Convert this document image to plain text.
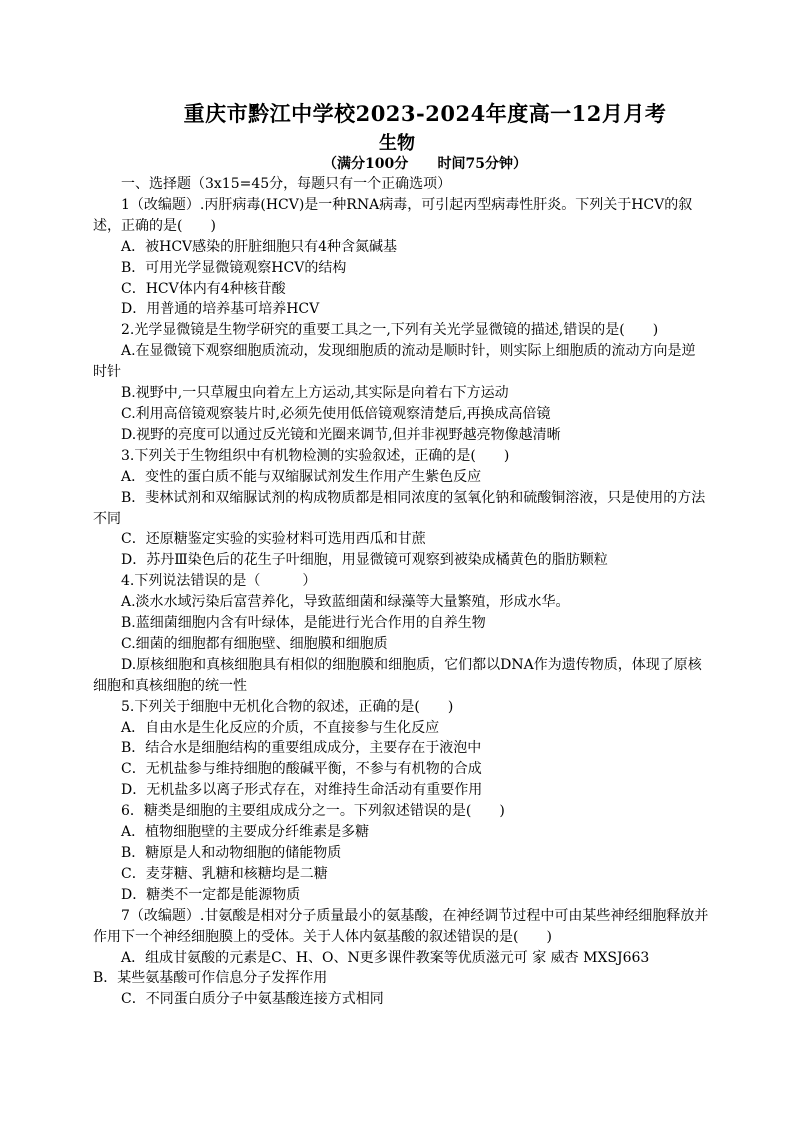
重庆市黔江中学校2023-2024年度高一12月月考
生物
（满分100分      时间75分钟）

一、选择题（3x15=45分，每题只有一个正确选项）

1（改编题）.丙肝病毒(HCV)是一种RNA病毒，可引起丙型病毒性肝炎。下列关于HCV的叙述，正确的是(　　)

A．被HCV感染的肝脏细胞只有4种含氮碱基

B．可用光学显微镜观察HCV的结构

C．HCV体内有4种核苷酸

D．用普通的培养基可培养HCV

2.光学显微镜是生物学研究的重要工具之一,下列有关光学显微镜的描述,错误的是(　　)

A.在显微镜下观察细胞质流动，发现细胞质的流动是顺时针，则实际上细胞质的流动方向是逆时针

B.视野中,一只草履虫向着左上方运动,其实际是向着右下方运动

C.利用高倍镜观察装片时,必须先使用低倍镜观察清楚后,再换成高倍镜

D.视野的亮度可以通过反光镜和光圈来调节,但并非视野越亮物像越清晰

3.下列关于生物组织中有机物检测的实验叙述，正确的是(　　)

A．变性的蛋白质不能与双缩脲试剂发生作用产生紫色反应

B．斐林试剂和双缩脲试剂的构成物质都是相同浓度的氢氧化钠和硫酸铜溶液，只是使用的方法不同

C．还原糖鉴定实验的实验材料可选用西瓜和甘蔗

D．苏丹Ⅲ染色后的花生子叶细胞，用显微镜可观察到被染成橘黄色的脂肪颗粒

4.下列说法错误的是（　　　）

A.淡水水域污染后富营养化，导致蓝细菌和绿藻等大量繁殖，形成水华。

B.蓝细菌细胞内含有叶绿体，是能进行光合作用的自养生物

C.细菌的细胞都有细胞壁、细胞膜和细胞质

D.原核细胞和真核细胞具有相似的细胞膜和细胞质，它们都以DNA作为遗传物质，体现了原核细胞和真核细胞的统一性

5.下列关于细胞中无机化合物的叙述，正确的是(　　)

A．自由水是生化反应的介质，不直接参与生化反应

B．结合水是细胞结构的重要组成成分，主要存在于液泡中

C．无机盐参与维持细胞的酸碱平衡，不参与有机物的合成

D．无机盐多以离子形式存在，对维持生命活动有重要作用

6．糖类是细胞的主要组成成分之一。下列叙述错误的是(　　)

A．植物细胞壁的主要成分纤维素是多糖

B．糖原是人和动物细胞的储能物质

C．麦芽糖、乳糖和核糖均是二糖

D．糖类不一定都是能源物质

7（改编题）.甘氨酸是相对分子质量最小的氨基酸，在神经调节过程中可由某些神经细胞释放并作用下一个神经细胞膜上的受体。关于人体内氨基酸的叙述错误的是(　　)

A．组成甘氨酸的元素是C、H、O、N更多课件教案等优质滋元可 家 威杏 MXSJ663

B．某些氨基酸可作信息分子发挥作用

C．不同蛋白质分子中氨基酸连接方式相同
